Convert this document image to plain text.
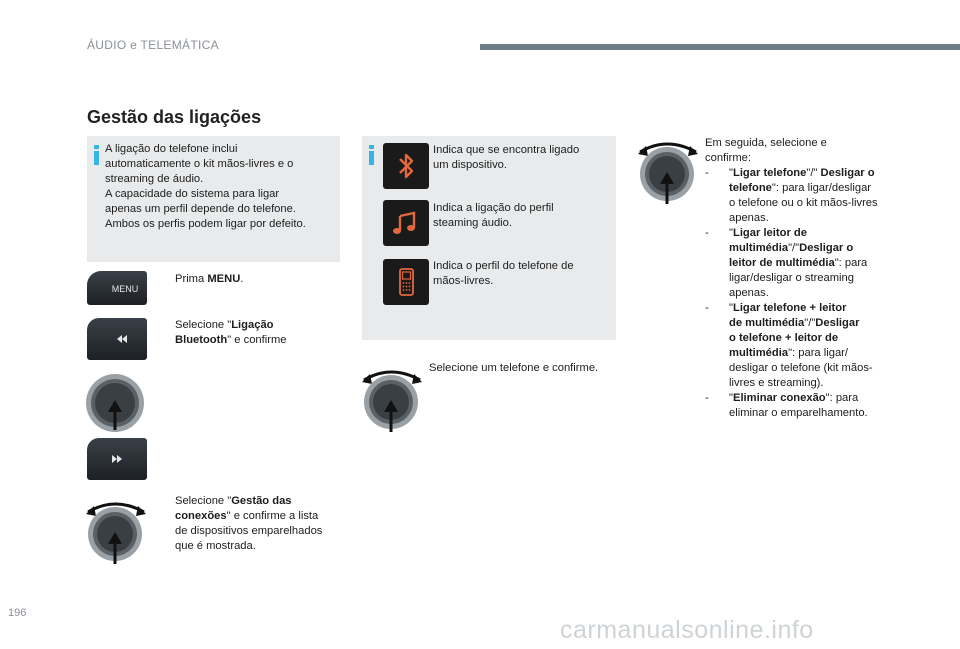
ÁUDIO e TELEMÁTICA
Gestão das ligações
A ligação do telefone inclui
automaticamente o kit mãos-livres e o
streaming de áudio.
A capacidade do sistema para ligar
apenas um perfil depende do telefone.
Ambos os perfis podem ligar por defeito.
MENU
Prima MENU.
Selecione "Ligação
Bluetooth" e confirme
Selecione "Gestão das
conexões" e confirme a lista
de dispositivos emparelhados
que é mostrada.
Indica que se encontra ligado
um dispositivo.
Indica a ligação do perfil
steaming áudio.
Indica o perfil do telefone de
mãos-livres.
Selecione um telefone e confirme.
Em seguida, selecione e
confirme:
- "Ligar telefone"/" Desligar o
telefone": para ligar/desligar
o telefone ou o kit mãos-livres
apenas.
- "Ligar leitor de
multimédia"/"Desligar o
leitor de multimédia": para
ligar/desligar o streaming
apenas.
- "Ligar telefone + leitor
de multimédia"/"Desligar
o telefone + leitor de
multimédia": para ligar/
desligar o telefone (kit mãos-
livres e streaming).
- "Eliminar conexão": para
eliminar o emparelhamento.
196
carmanualsonline.info
